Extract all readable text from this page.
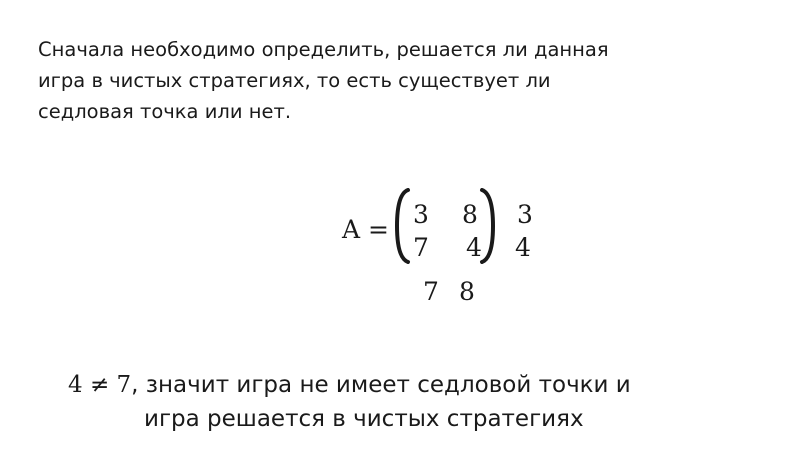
Сначала необходимо определить, решается ли данная
игра в чистых стратегиях, то есть существует ли
седловая точка или нет.
A =
3 8
7 4
3
4
7 8
4 ≠ 7, значит игра не имеет седловой точки и
игра решается в чистых стратегиях
